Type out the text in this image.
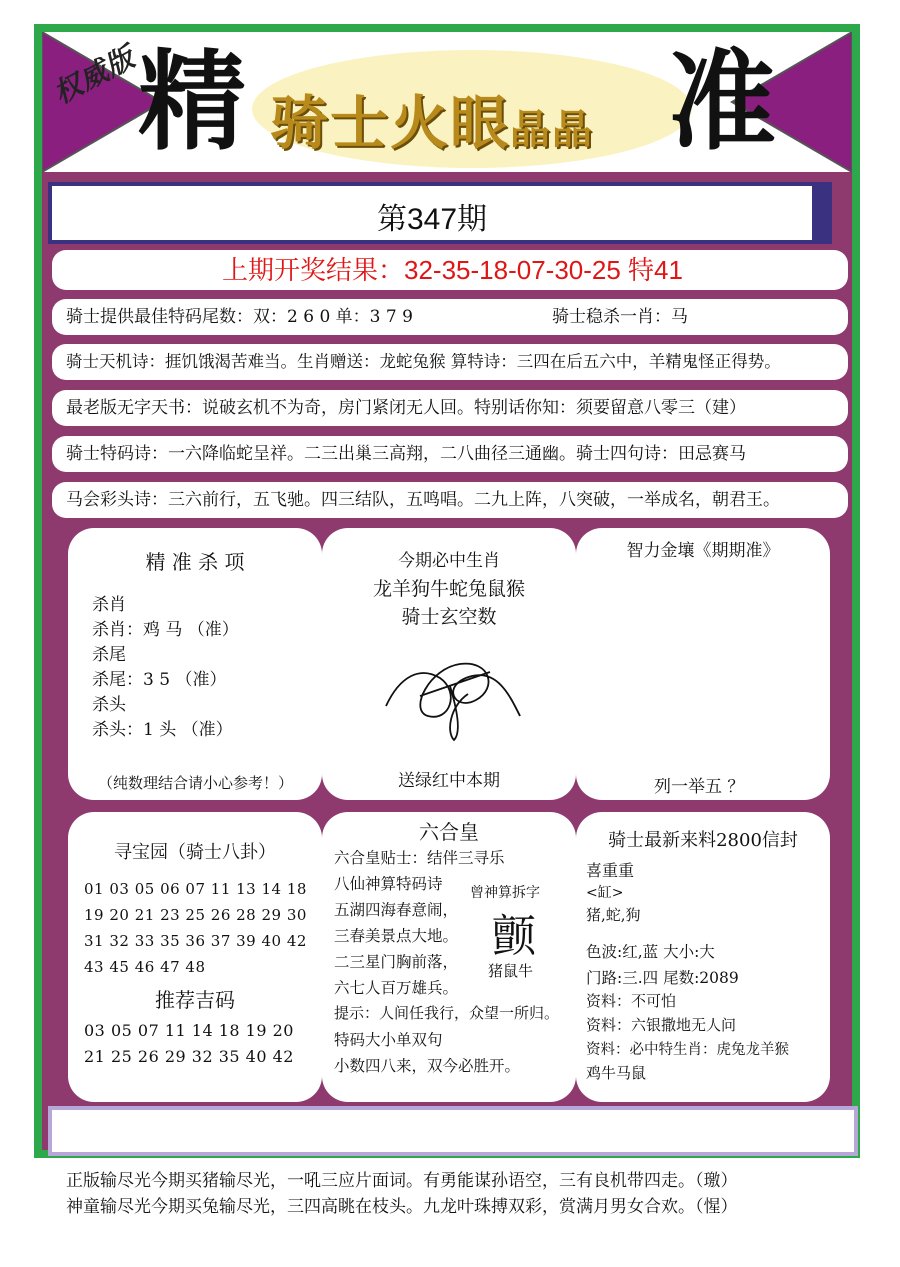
权威版
精 骑士火眼晶晶 准
第347期
上期开奖结果：32-35-18-07-30-25 特41
骑士提供最佳特码尾数：双：2 6 0 单：3 7 9	骑士稳杀一肖：马
骑士天机诗：捱饥饿渴苦难当。生肖赠送：龙蛇兔猴 算特诗：三四在后五六中，羊精鬼怪正得势。
最老版无字天书：说破玄机不为奇，房门紧闭无人回。特别话你知：须要留意八零三（建）
骑士特码诗：一六降临蛇呈祥。二三出巢三高翔，二八曲径三通幽。骑士四句诗：田忌赛马
马会彩头诗：三六前行，五飞驰。四三结队，五鸣唱。二九上阵，八突破，一举成名，朝君王。
精 准 杀 项
杀肖
杀肖：鸡 马 （准）
杀尾
杀尾：3 5 （准）
杀头
杀头：1 头 （准）
（纯数理结合请小心参考！）
今期必中生肖
龙羊狗牛蛇兔鼠猴
骑士玄空数
送绿红中本期
智力金壤《期期准》
列一举五 ？
寻宝园（骑士八卦）
01 03 05 06 07 11 13 14 18
19 20 21 23 25 26 28 29 30
31 32 33 35 36 37 39 40 42
43 45 46 47 48
推荐吉码
03 05 07 11 14 18 19 20
21 25 26 29 32 35 40 42
六合皇
六合皇贴士：结伴三寻乐
八仙神算特码诗
五湖四海春意闹，
三春美景点大地。
二三星门胸前落，
六七人百万雄兵。
提示：人间任我行，众望一所归。
特码大小单双句
小数四八来，双今必胜开。
曾神算拆字
颤
猪鼠牛
骑士最新来料2800信封
喜重重
<缸>
猪,蛇,狗
色波:红,蓝 大小:大
门路:三.四 尾数:2089
资料：不可怕
资料：六银撒地无人问
资料：必中特生肖：虎兔龙羊猴
鸡牛马鼠
正版输尽光今期买猪输尽光，一吼三应片面词。有勇能谋孙语空，三有良机带四走。（璬）
神童输尽光今期买兔输尽光，三四高眺在枝头。九龙叶珠搏双彩，赏满月男女合欢。（惺）
